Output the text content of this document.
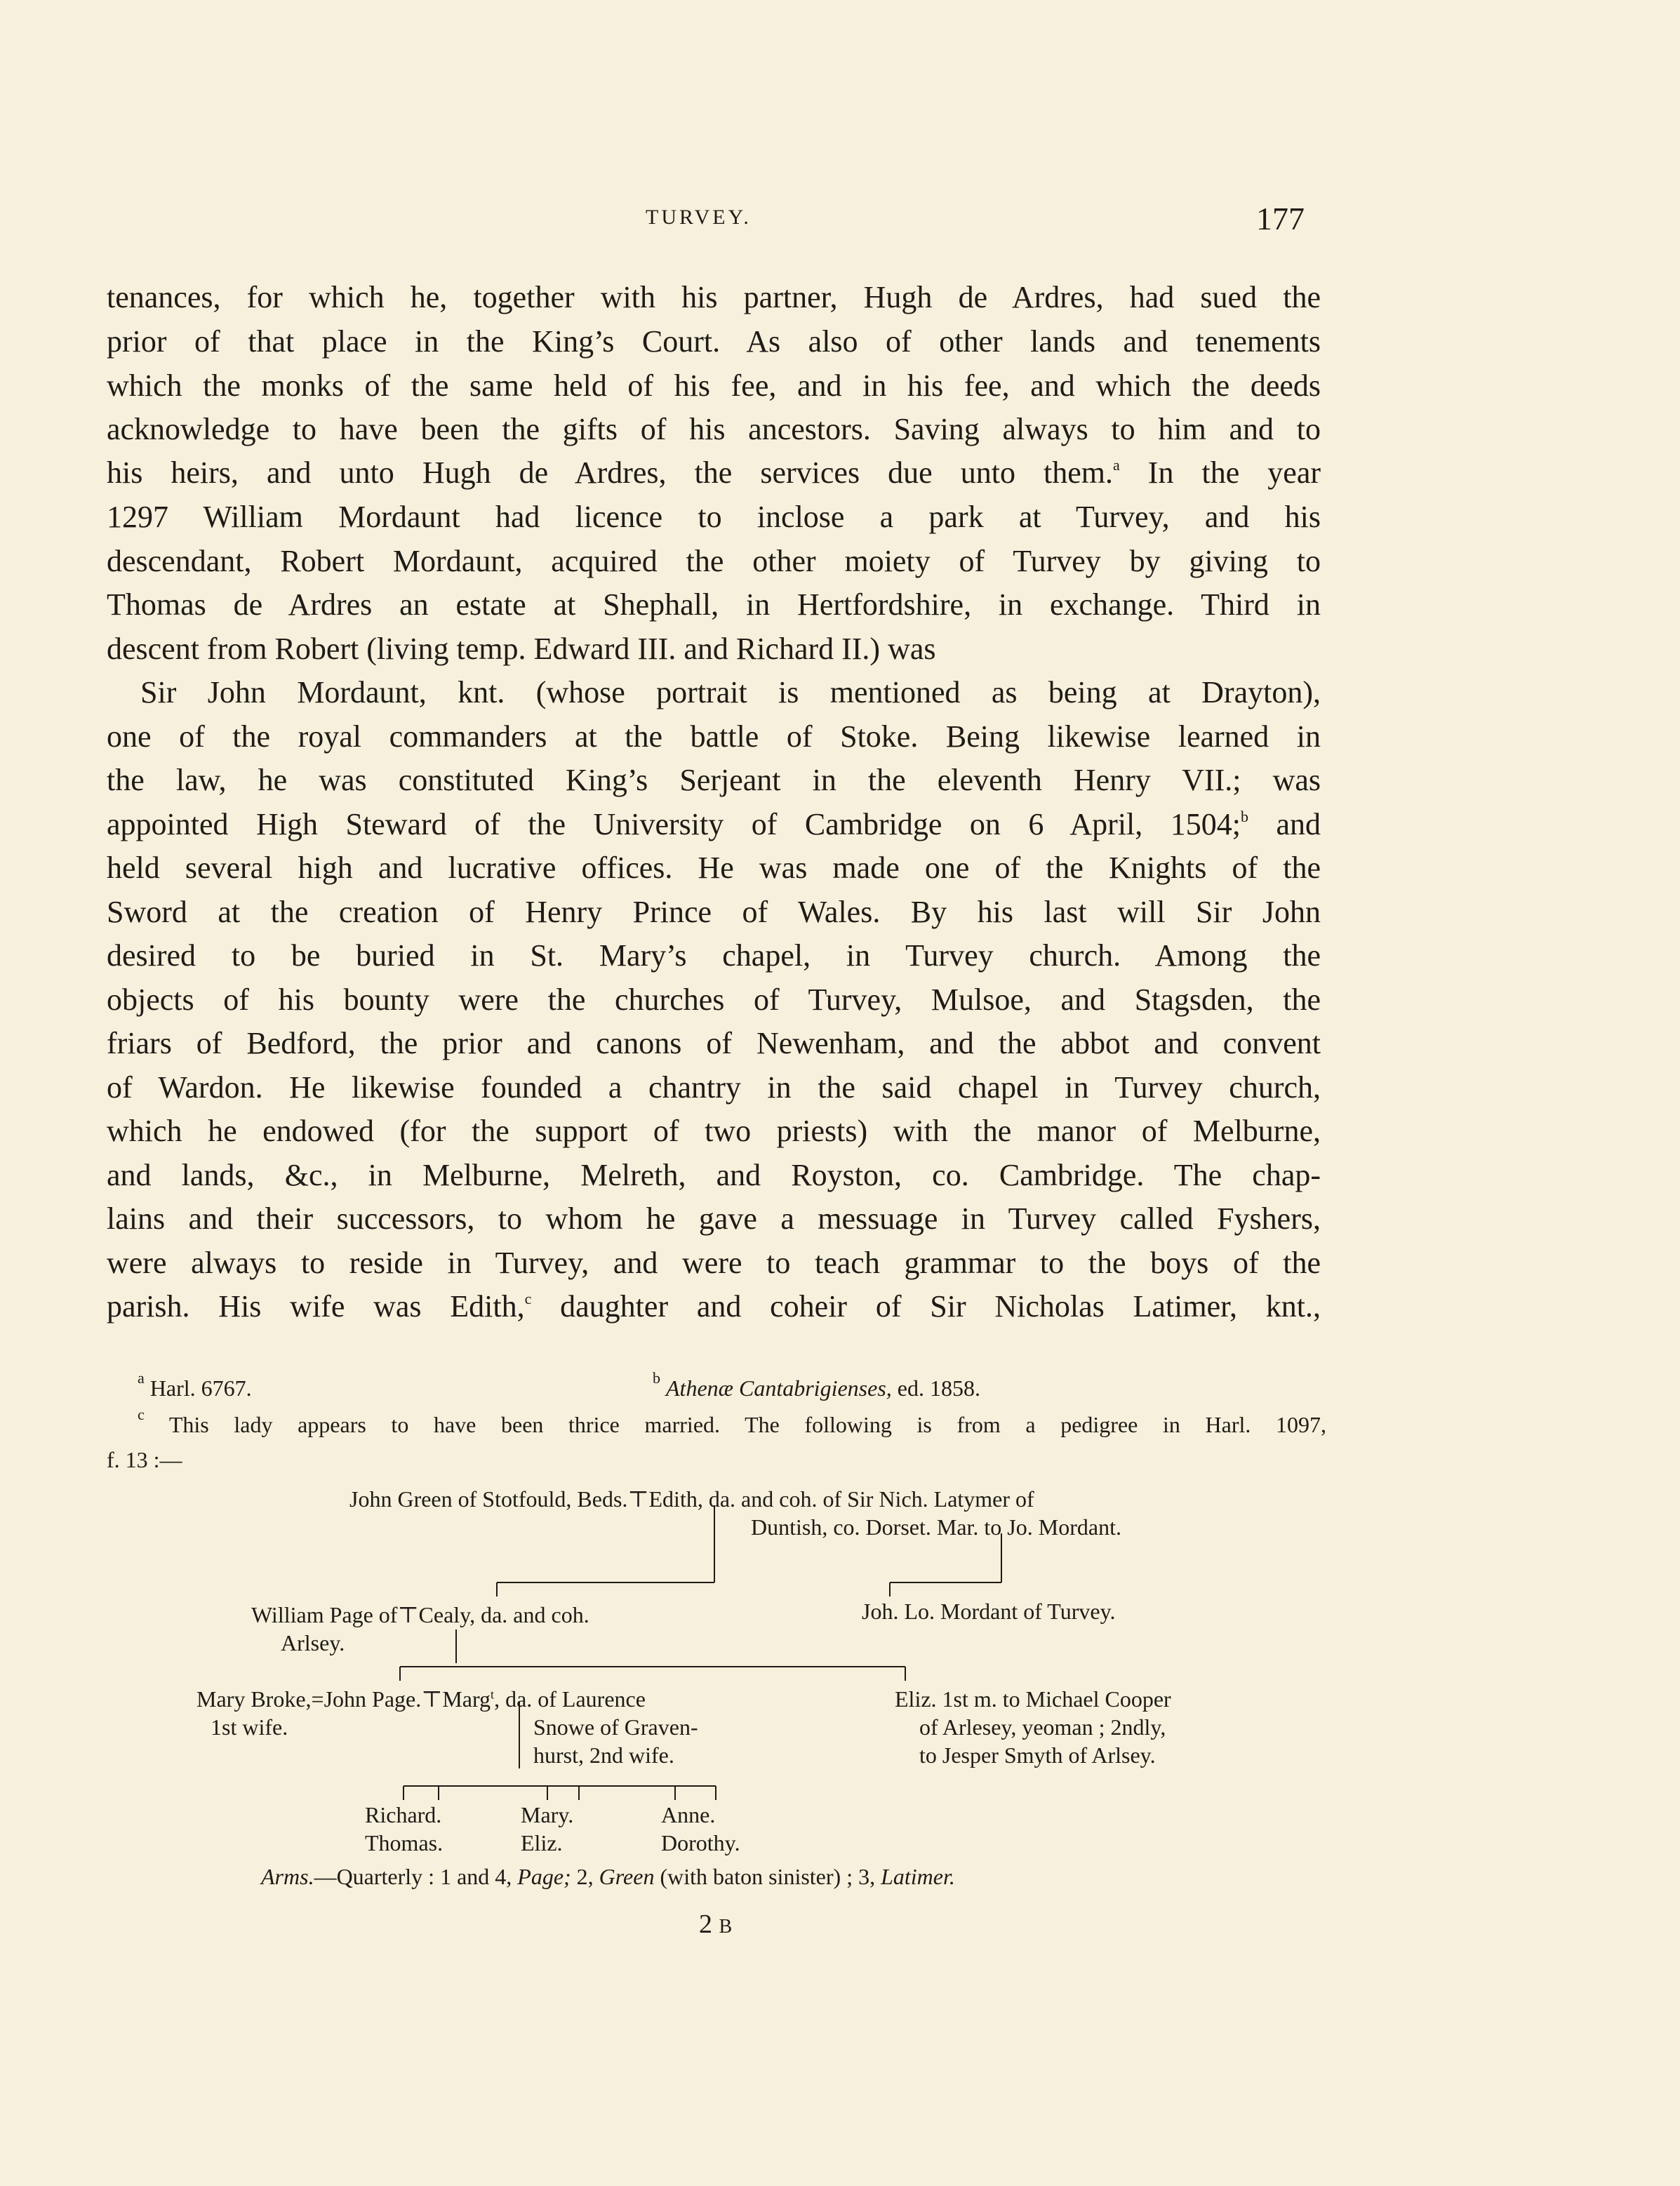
TURVEY.	177
tenances, for which he, together with his partner, Hugh de Ardres, had sued the
prior of that place in the King’s Court. As also of other lands and tenements
which the monks of the same held of his fee, and in his fee, and which the deeds
acknowledge to have been the gifts of his ancestors. Saving always to him and to
his heirs, and unto Hugh de Ardres, the services due unto them.$^a$ In the year
1297 William Mordaunt had licence to inclose a park at Turvey, and his
descendant, Robert Mordaunt, acquired the other moiety of Turvey by giving to
Thomas de Ardres an estate at Shephall, in Hertfordshire, in exchange. Third in
descent from Robert (living temp. Edward III. and Richard II.) was
Sir John Mordaunt, knt. (whose portrait is mentioned as being at Drayton),
one of the royal commanders at the battle of Stoke. Being likewise learned in
the law, he was constituted King’s Serjeant in the eleventh Henry VII.; was
appointed High Steward of the University of Cambridge on 6 April, 1504;$^b$ and
held several high and lucrative offices. He was made one of the Knights of the
Sword at the creation of Henry Prince of Wales. By his last will Sir John
desired to be buried in St. Mary’s chapel, in Turvey church. Among the
objects of his bounty were the churches of Turvey, Mulsoe, and Stagsden, the
friars of Bedford, the prior and canons of Newenham, and the abbot and convent
of Wardon. He likewise founded a chantry in the said chapel in Turvey church,
which he endowed (for the support of two priests) with the manor of Melburne,
and lands, &c., in Melburne, Melreth, and Royston, co. Cambridge. The chap-
lains and their successors, to whom he gave a messuage in Turvey called Fyshers,
were always to reside in Turvey, and were to teach grammar to the boys of the
parish. His wife was Edith,$^c$ daughter and coheir of Sir Nicholas Latimer, knt.,
$^a$ Harl. 6767.	$^b$ Athenæ Cantabrigienses, ed. 1858.
$^c$ This lady appears to have been thrice married. The following is from a pedigree in Harl. 1097,
f. 13 :—
John Green of Stotfould, Beds.⊤Edith, da. and coh. of Sir Nich. Latymer of
Duntish, co. Dorset. Mar. to Jo. Mordant.
William Page of⊤Cealy, da. and coh.
Arlsey.
Joh. Lo. Mordant of Turvey.
Mary Broke,=John Page.⊤Marg$^t$, da. of Laurence
1st wife.	Snowe of Graven-
hurst, 2nd wife.
Eliz. 1st m. to Michael Cooper
of Arlesey, yeoman ; 2ndly,
to Jesper Smyth of Arlsey.
Richard.
Thomas.
Mary.
Eliz.
Anne.
Dorothy.
Arms.—Quarterly : 1 and 4, Page; 2, Green (with baton sinister) ; 3, Latimer.
2 B
